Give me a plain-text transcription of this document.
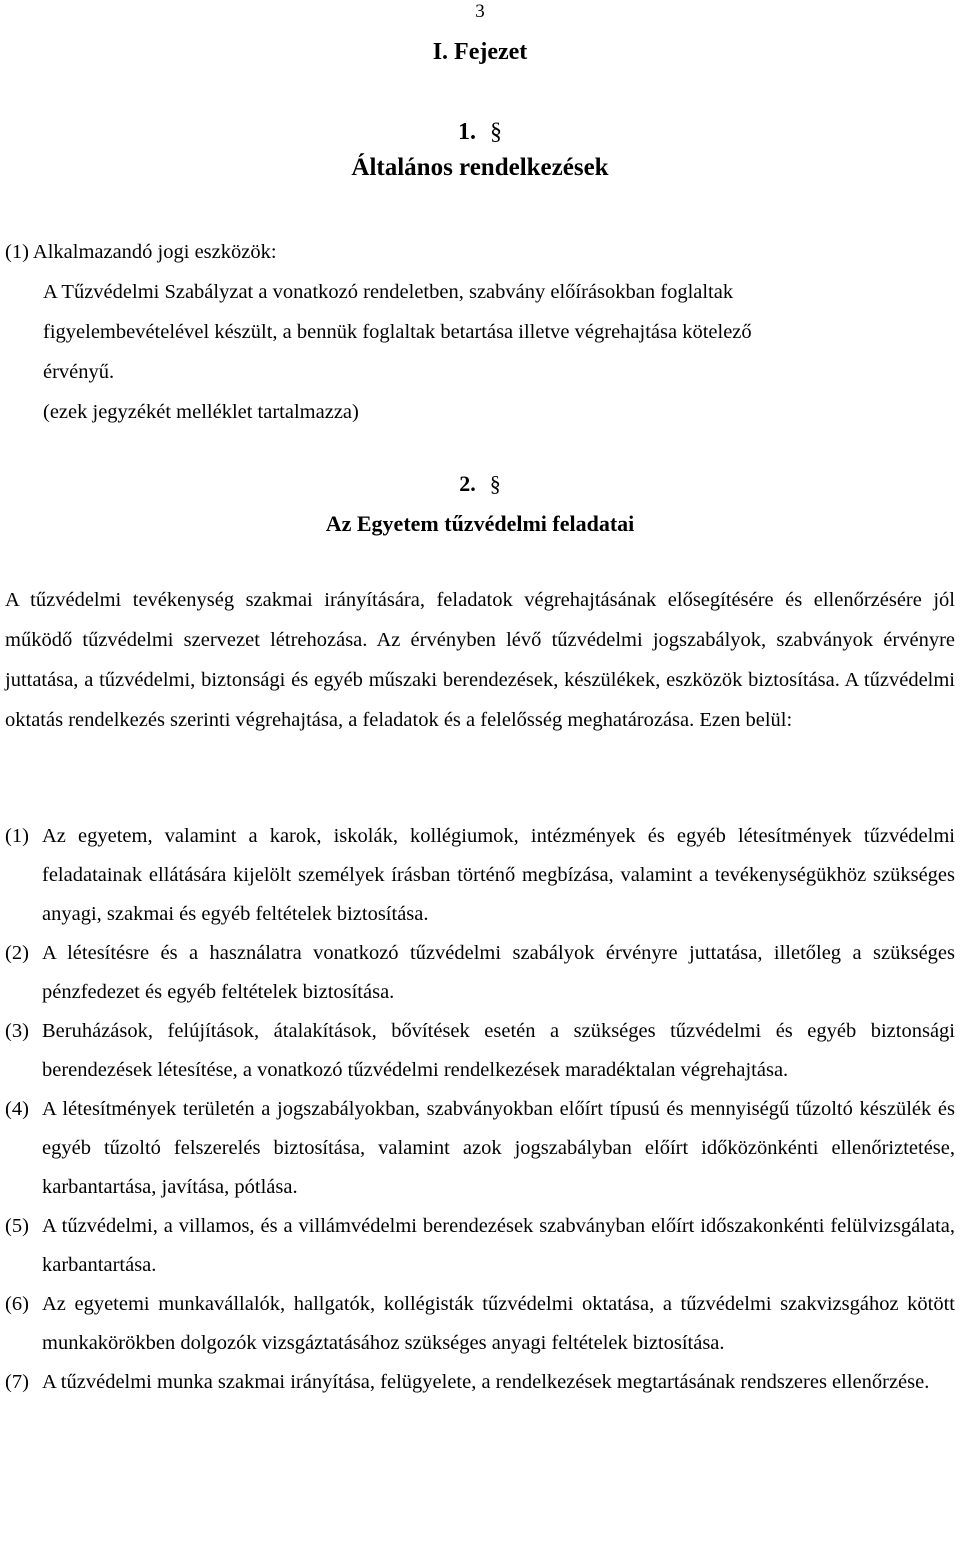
3
I. Fejezet
1. §
Általános rendelkezések
(1) Alkalmazandó jogi eszközök:
A Tűzvédelmi Szabályzat a vonatkozó rendeletben, szabvány előírásokban foglaltak
figyelembevételével készült, a bennük foglaltak betartása illetve végrehajtása kötelező
érvényű.
(ezek jegyzékét melléklet tartalmazza)
2. §
Az Egyetem tűzvédelmi feladatai
A tűzvédelmi tevékenység szakmai irányítására, feladatok végrehajtásának elősegítésére és ellenőrzésére jól működő tűzvédelmi szervezet létrehozása. Az érvényben lévő tűzvédelmi jogszabályok, szabványok érvényre juttatása, a tűzvédelmi, biztonsági és egyéb műszaki berendezések, készülékek, eszközök biztosítása. A tűzvédelmi oktatás rendelkezés szerinti végrehajtása, a feladatok és a felelősség meghatározása. Ezen belül:
(1) Az egyetem, valamint a karok, iskolák, kollégiumok, intézmények és egyéb létesítmények tűzvédelmi feladatainak ellátására kijelölt személyek írásban történő megbízása, valamint a tevékenységükhöz szükséges anyagi, szakmai és egyéb feltételek biztosítása.
(2) A létesítésre és a használatra vonatkozó tűzvédelmi szabályok érvényre juttatása, illetőleg a szükséges pénzfedezet és egyéb feltételek biztosítása.
(3) Beruházások, felújítások, átalakítások, bővítések esetén a szükséges tűzvédelmi és egyéb biztonsági berendezések létesítése, a vonatkozó tűzvédelmi rendelkezések maradéktalan végrehajtása.
(4) A létesítmények területén a jogszabályokban, szabványokban előírt típusú és mennyiségű tűzoltó készülék és egyéb tűzoltó felszerelés biztosítása, valamint azok jogszabályban előírt időközönkénti ellenőriztetése, karbantartása, javítása, pótlása.
(5) A tűzvédelmi, a villamos, és a villámvédelmi berendezések szabványban előírt időszakonkénti felülvizsgálata, karbantartása.
(6) Az egyetemi munkavállalók, hallgatók, kollégisták tűzvédelmi oktatása, a tűzvédelmi szakvizsgához kötött munkakörökben dolgozók vizsgáztatásához szükséges anyagi feltételek biztosítása.
(7) A tűzvédelmi munka szakmai irányítása, felügyelete, a rendelkezések megtartásának rendszeres ellenőrzése.
